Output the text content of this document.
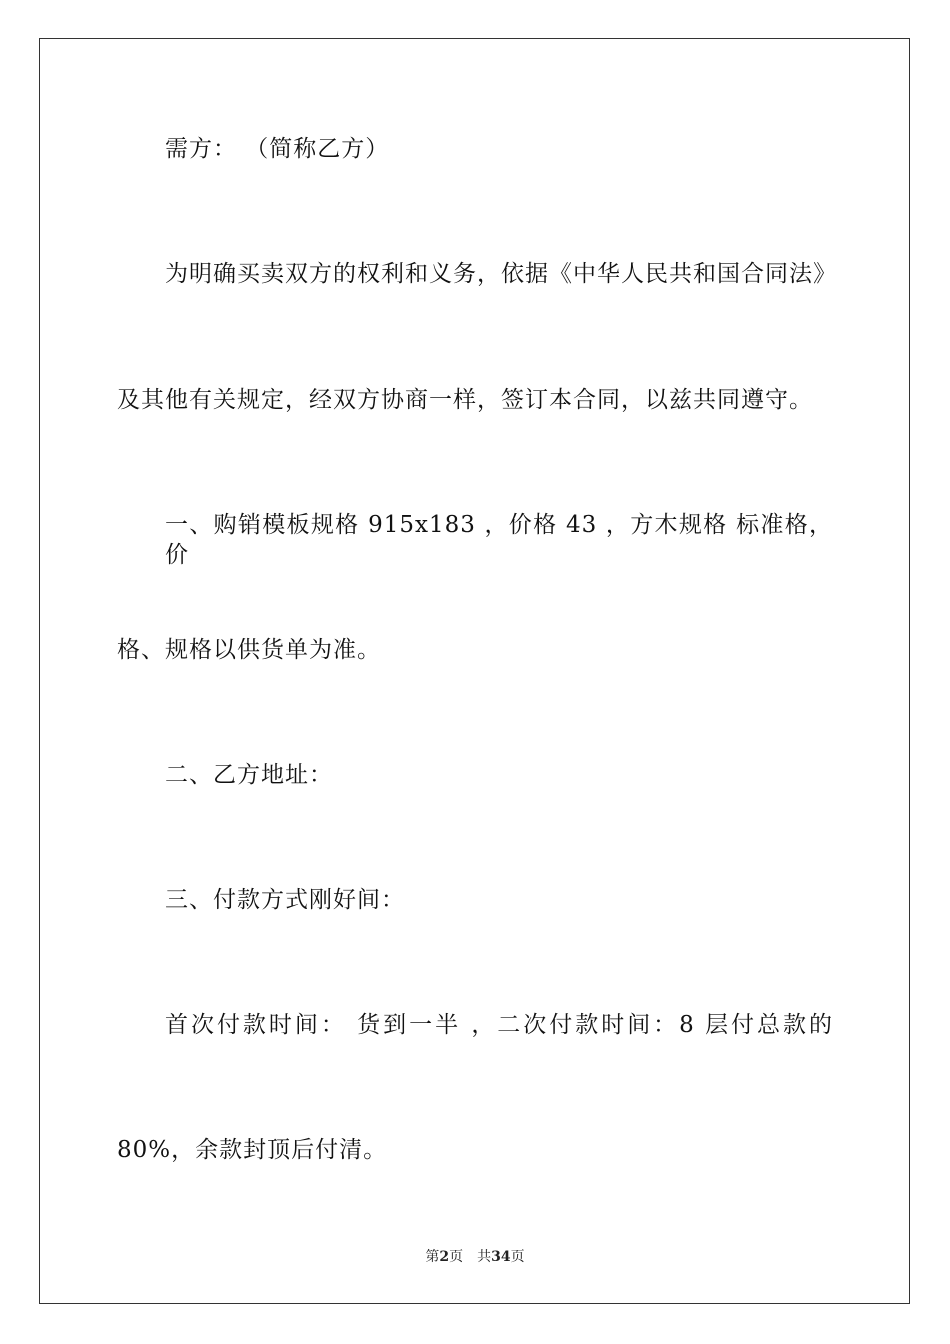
需方： （简称乙方）
为明确买卖双方的权利和义务，依据《中华人民共和国合同法》
及其他有关规定，经双方协商一样，签订本合同，以兹共同遵守。
一、购销模板规格 915x183 ，价格 43 ，方木规格 标准格，价
格、规格以供货单为准。
二、乙方地址：
三、付款方式刚好间：
首次付款时间： 货到一半 ，二次付款时间：8 层付总款的
80%，余款封顶后付清。
第2页 共34页
